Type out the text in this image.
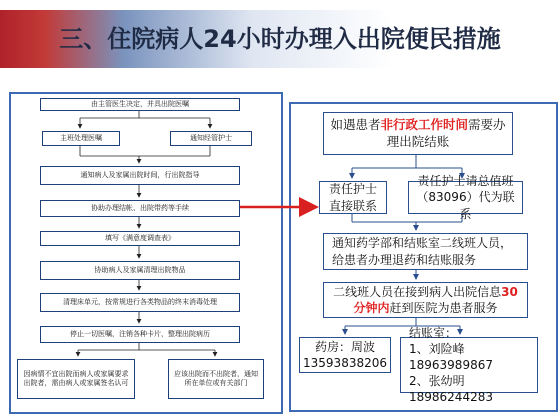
三、住院病人24小时办理入出院便民措施
由主管医生决定，并具出院医嘱
主班处理医嘱	通知经管护士
通知病人及家属出院时间，行出院指导
协助办理结帐、出院带药等手续
填写《满意度调查表》
协助病人及家属清理出院物品
清理床单元，按常规进行各类物品的终末消毒处理
停止一切医嘱，注销各种卡片，整理出院病历
因病情不宜出院而病人或家属要求出院者，需由病人或家属签名认可
应该出院而不出院者，通知所在单位或有关部门
如遇患者非行政工作时间需要办理出院结账
责任护士直接联系
责任护士请总值班（83096）代为联系
通知药学部和结账室二线班人员，给患者办理退药和结账服务
二线班人员在接到病人出院信息30分钟内赶到医院为患者服务
药房：周波
13593838206
结账室：
1、刘险峰18963989867
2、张幼明18986244283
